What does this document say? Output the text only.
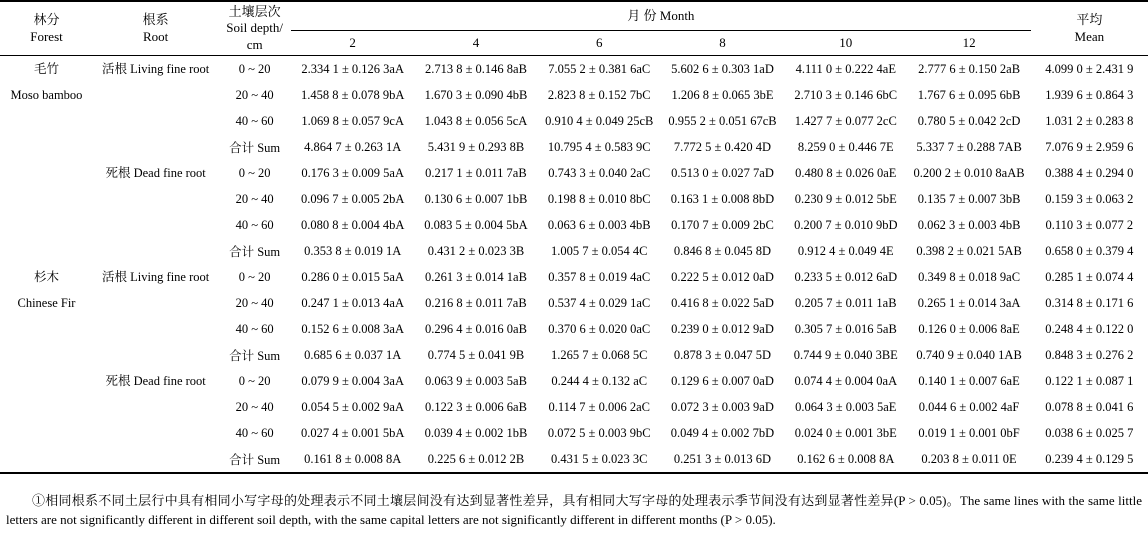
林分
Forest	根系
Root	土壤层次
Soil depth/
cm	月 份 Month						平均
Mean

			2	4	6	8	10	12	

毛竹
Moso bamboo	活根 Living fine root	0 ~ 20	2.334 1 ± 0.126 3aA	2.713 8 ± 0.146 8aB	7.055 2 ± 0.381 6aC	5.602 6 ± 0.303 1aD	4.111 0 ± 0.222 4aE	2.777 6 ± 0.150 2aB	4.099 0 ± 2.431 9
		20 ~ 40	1.458 8 ± 0.078 9bA	1.670 3 ± 0.090 4bB	2.823 8 ± 0.152 7bC	1.206 8 ± 0.065 3bE	2.710 3 ± 0.146 6bC	1.767 6 ± 0.095 6bB	1.939 6 ± 0.864 3
		40 ~ 60	1.069 8 ± 0.057 9cA	1.043 8 ± 0.056 5cA	0.910 4 ± 0.049 25cB	0.955 2 ± 0.051 67cB	1.427 7 ± 0.077 2cC	0.780 5 ± 0.042 2cD	1.031 2 ± 0.283 8
		合计 Sum	4.864 7 ± 0.263 1A	5.431 9 ± 0.293 8B	10.795 4 ± 0.583 9C	7.772 5 ± 0.420 4D	8.259 0 ± 0.446 7E	5.337 7 ± 0.288 7AB	7.076 9 ± 2.959 6
	死根 Dead fine root	0 ~ 20	0.176 3 ± 0.009 5aA	0.217 1 ± 0.011 7aB	0.743 3 ± 0.040 2aC	0.513 0 ± 0.027 7aD	0.480 8 ± 0.026 0aE	0.200 2 ± 0.010 8aAB	0.388 4 ± 0.294 0
		20 ~ 40	0.096 7 ± 0.005 2bA	0.130 6 ± 0.007 1bB	0.198 8 ± 0.010 8bC	0.163 1 ± 0.008 8bD	0.230 9 ± 0.012 5bE	0.135 7 ± 0.007 3bB	0.159 3 ± 0.063 2
		40 ~ 60	0.080 8 ± 0.004 4bA	0.083 5 ± 0.004 5bA	0.063 6 ± 0.003 4bB	0.170 7 ± 0.009 2bC	0.200 7 ± 0.010 9bD	0.062 3 ± 0.003 4bB	0.110 3 ± 0.077 2
		合计 Sum	0.353 8 ± 0.019 1A	0.431 2 ± 0.023 3B	1.005 7 ± 0.054 4C	0.846 8 ± 0.045 8D	0.912 4 ± 0.049 4E	0.398 2 ± 0.021 5AB	0.658 0 ± 0.379 4

杉木
Chinese Fir	活根 Living fine root	0 ~ 20	0.286 0 ± 0.015 5aA	0.261 3 ± 0.014 1aB	0.357 8 ± 0.019 4aC	0.222 5 ± 0.012 0aD	0.233 5 ± 0.012 6aD	0.349 8 ± 0.018 9aC	0.285 1 ± 0.074 4
		20 ~ 40	0.247 1 ± 0.013 4aA	0.216 8 ± 0.011 7aB	0.537 4 ± 0.029 1aC	0.416 8 ± 0.022 5aD	0.205 7 ± 0.011 1aB	0.265 1 ± 0.014 3aA	0.314 8 ± 0.171 6
		40 ~ 60	0.152 6 ± 0.008 3aA	0.296 4 ± 0.016 0aB	0.370 6 ± 0.020 0aC	0.239 0 ± 0.012 9aD	0.305 7 ± 0.016 5aB	0.126 0 ± 0.006 8aE	0.248 4 ± 0.122 0
		合计 Sum	0.685 6 ± 0.037 1A	0.774 5 ± 0.041 9B	1.265 7 ± 0.068 5C	0.878 3 ± 0.047 5D	0.744 9 ± 0.040 3BE	0.740 9 ± 0.040 1AB	0.848 3 ± 0.276 2
	死根 Dead fine root	0 ~ 20	0.079 9 ± 0.004 3aA	0.063 9 ± 0.003 5aB	0.244 4 ± 0.132 aC	0.129 6 ± 0.007 0aD	0.074 4 ± 0.004 0aA	0.140 1 ± 0.007 6aE	0.122 1 ± 0.087 1
		20 ~ 40	0.054 5 ± 0.002 9aA	0.122 3 ± 0.006 6aB	0.114 7 ± 0.006 2aC	0.072 3 ± 0.003 9aD	0.064 3 ± 0.003 5aE	0.044 6 ± 0.002 4aF	0.078 8 ± 0.041 6
		40 ~ 60	0.027 4 ± 0.001 5bA	0.039 4 ± 0.002 1bB	0.072 5 ± 0.003 9bC	0.049 4 ± 0.002 7bD	0.024 0 ± 0.001 3bE	0.019 1 ± 0.001 0bF	0.038 6 ± 0.025 7
		合计 Sum	0.161 8 ± 0.008 8A	0.225 6 ± 0.012 2B	0.431 5 ± 0.023 3C	0.251 3 ± 0.013 6D	0.162 6 ± 0.008 8A	0.203 8 ± 0.011 0E	0.239 4 ± 0.129 5

①相同根系不同土层行中具有相同小写字母的处理表示不同土壤层间没有达到显著性差异，具有相同大写字母的处理表示季节间没有达到显著性差异(P > 0.05)。The same lines with the same little letters are not significantly different in different soil depth, with the same capital letters are not significantly different in different months (P > 0.05).
